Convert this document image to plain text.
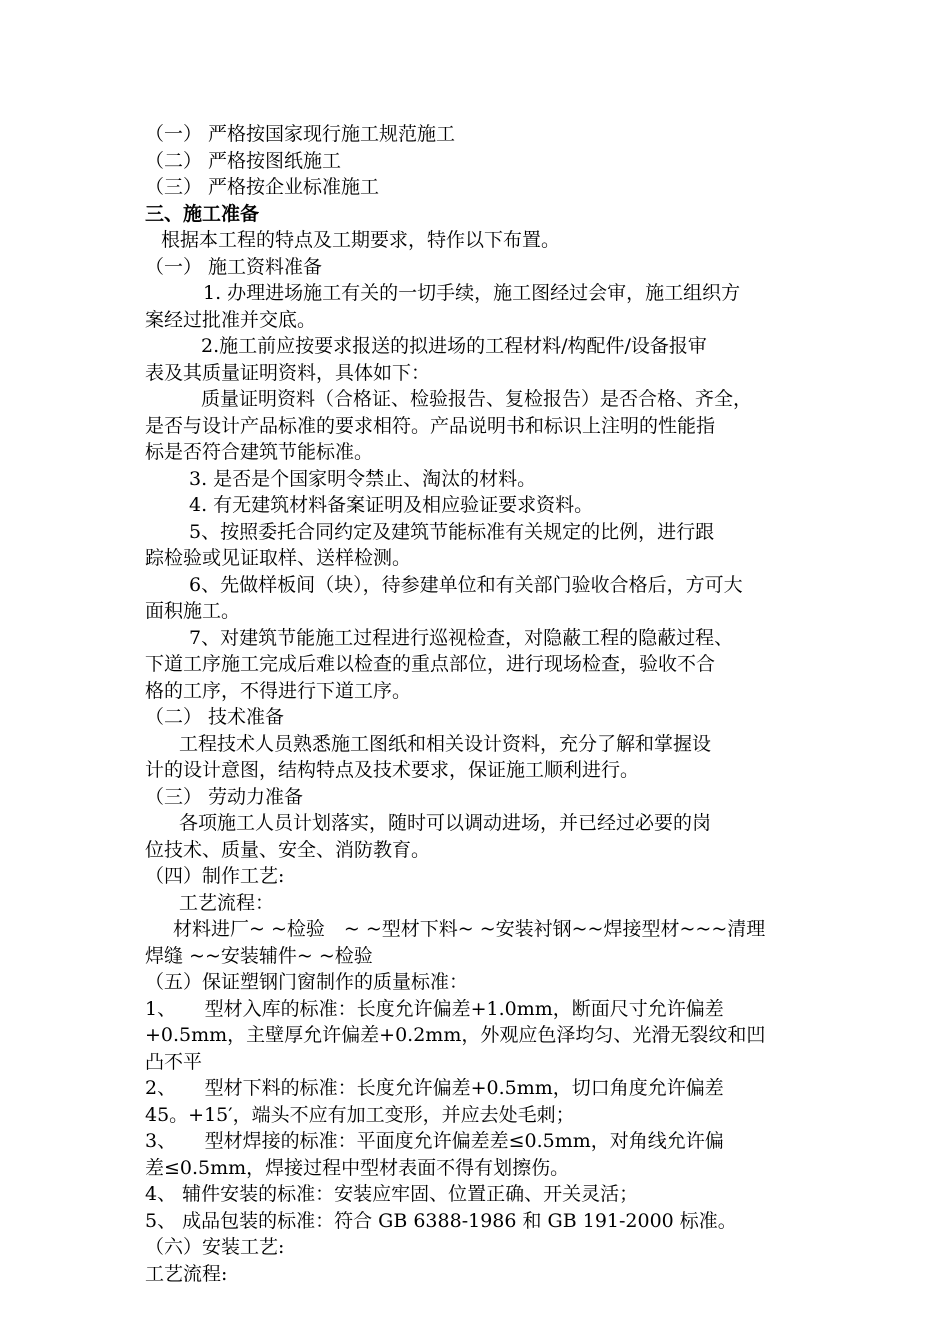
（一） 严格按国家现行施工规范施工
（二） 严格按图纸施工
（三） 严格按企业标准施工
三、施工准备
根据本工程的特点及工期要求，特作以下布置。
（一） 施工资料准备
1. 办理进场施工有关的一切手续，施工图经过会审，施工组织方
案经过批准并交底。
2.施工前应按要求报送的拟进场的工程材料/构配件/设备报审
表及其质量证明资料，具体如下：
质量证明资料（合格证、检验报告、复检报告）是否合格、齐全，
是否与设计产品标准的要求相符。产品说明书和标识上注明的性能指
标是否符合建筑节能标准。
3. 是否是个国家明令禁止、淘汰的材料。
4. 有无建筑材料备案证明及相应验证要求资料。
5、按照委托合同约定及建筑节能标准有关规定的比例，进行跟
踪检验或见证取样、送样检测。
6、先做样板间（块），待参建单位和有关部门验收合格后，方可大
面积施工。
7、对建筑节能施工过程进行巡视检查，对隐蔽工程的隐蔽过程、
下道工序施工完成后难以检查的重点部位，进行现场检查，验收不合
格的工序，不得进行下道工序。
（二） 技术准备
工程技术人员熟悉施工图纸和相关设计资料，充分了解和掌握设
计的设计意图，结构特点及技术要求，保证施工顺利进行。
（三） 劳动力准备
各项施工人员计划落实，随时可以调动进场，并已经过必要的岗
位技术、质量、安全、消防教育。
（四）制作工艺:
工艺流程：
材料进厂~ ~检验　~ ~型材下料~ ~安装衬钢~~焊接型材~~~清理
焊缝 ~~安装辅件~ ~检验
（五）保证塑钢门窗制作的质量标准：
1、　　型材入库的标准：长度允许偏差+1.0mm，断面尺寸允许偏差
+0.5mm，主壁厚允许偏差+0.2mm，外观应色泽均匀、光滑无裂纹和凹
凸不平
2、　　型材下料的标准：长度允许偏差+0.5mm，切口角度允许偏差
45。+15′，端头不应有加工变形，并应去处毛刺；
3、　　型材焊接的标准：平面度允许偏差差≤0.5mm，对角线允许偏
差≤0.5mm，焊接过程中型材表面不得有划擦伤。
4、 辅件安装的标准：安装应牢固、位置正确、开关灵活；
5、 成品包装的标准：符合 GB 6388-1986 和 GB 191-2000 标准。
（六）安装工艺:
工艺流程:
